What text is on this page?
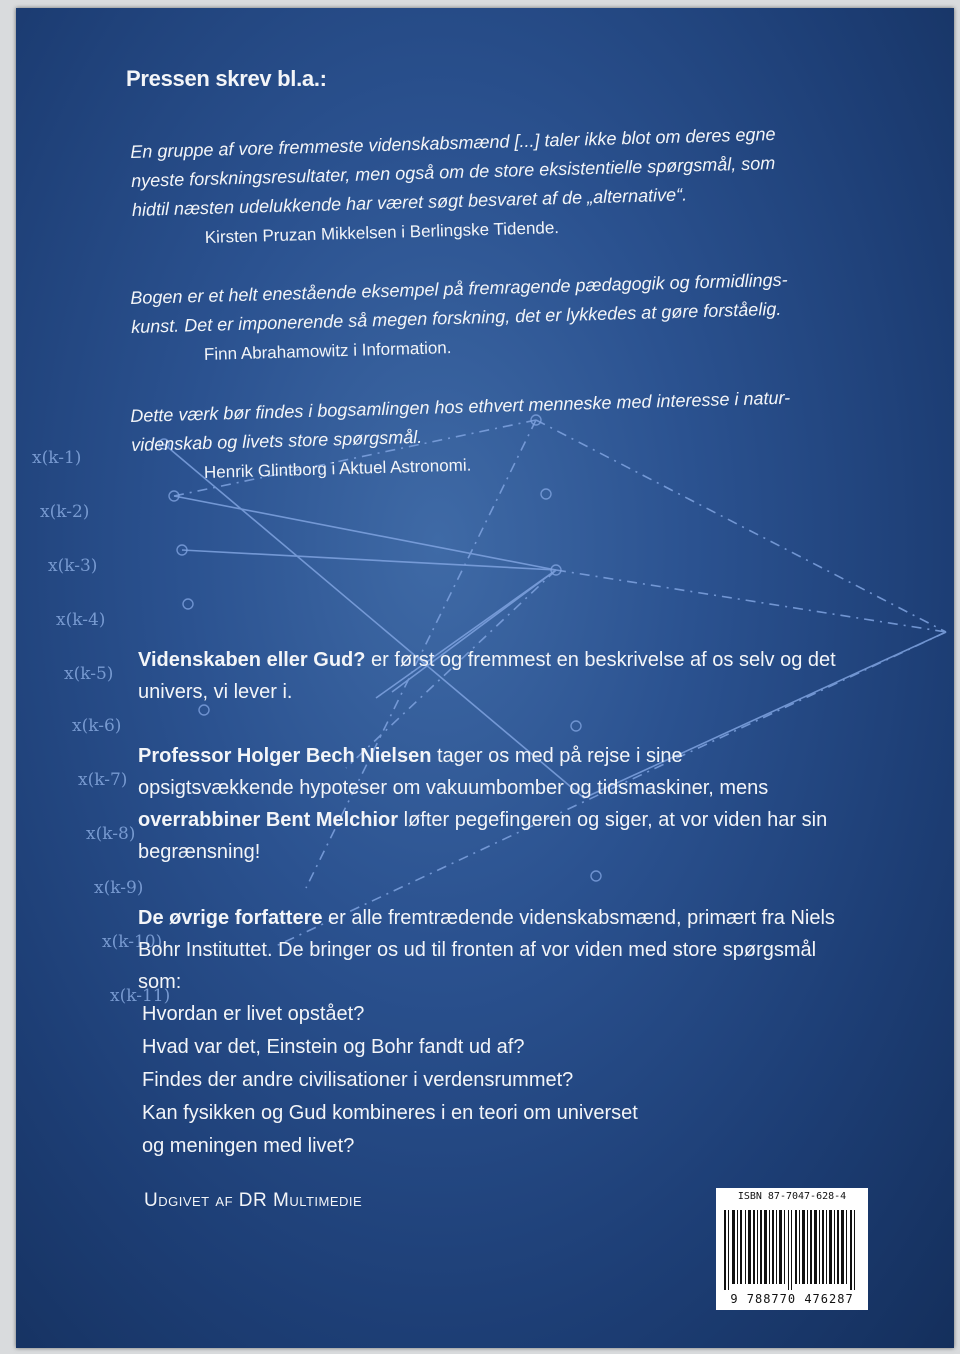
x(k-1)
x(k-2)
x(k-3)
x(k-4)
x(k-5)
x(k-6)
x(k-7)
x(k-8)
x(k-9)
x(k-10)
x(k-11)
Pressen skrev bl.a.:
En gruppe af vore fremmeste videnskabsmænd [...] taler ikke blot om deres egne
nyeste forskningsresultater, men også om de store eksistentielle spørgsmål, som
hidtil næsten udelukkende har været søgt besvaret af de „alternative“.
Kirsten Pruzan Mikkelsen i Berlingske Tidende.
Bogen er et helt enestående eksempel på fremragende pædagogik og formidlings-
kunst. Det er imponerende så megen forskning, det er lykkedes at gøre forståelig.
Finn Abrahamowitz i Information.
Dette værk bør findes i bogsamlingen hos ethvert menneske med interesse i natur-
videnskab og livets store spørgsmål.
Henrik Glintborg i Aktuel Astronomi.
Videnskaben eller Gud? er først og fremmest en beskrivelse af os selv og det univers, vi lever i.
Professor Holger Bech Nielsen tager os med på rejse i sine opsigtsvækkende hypoteser om vakuumbomber og tidsmaskiner, mens overrabbiner Bent Melchior løfter pegefingeren og siger, at vor viden har sin begrænsning!
De øvrige forfattere er alle fremtrædende videnskabsmænd, primært fra Niels Bohr Instituttet. De bringer os ud til fronten af vor viden med store spørgsmål som:
Hvordan er livet opstået?
Hvad var det, Einstein og Bohr fandt ud af?
Findes der andre civilisationer i verdensrummet?
Kan fysikken og Gud kombineres i en teori om universet
og meningen med livet?
Udgivet af DR Multimedie	ISBN 87-7047-628-4
9 788770 476287
